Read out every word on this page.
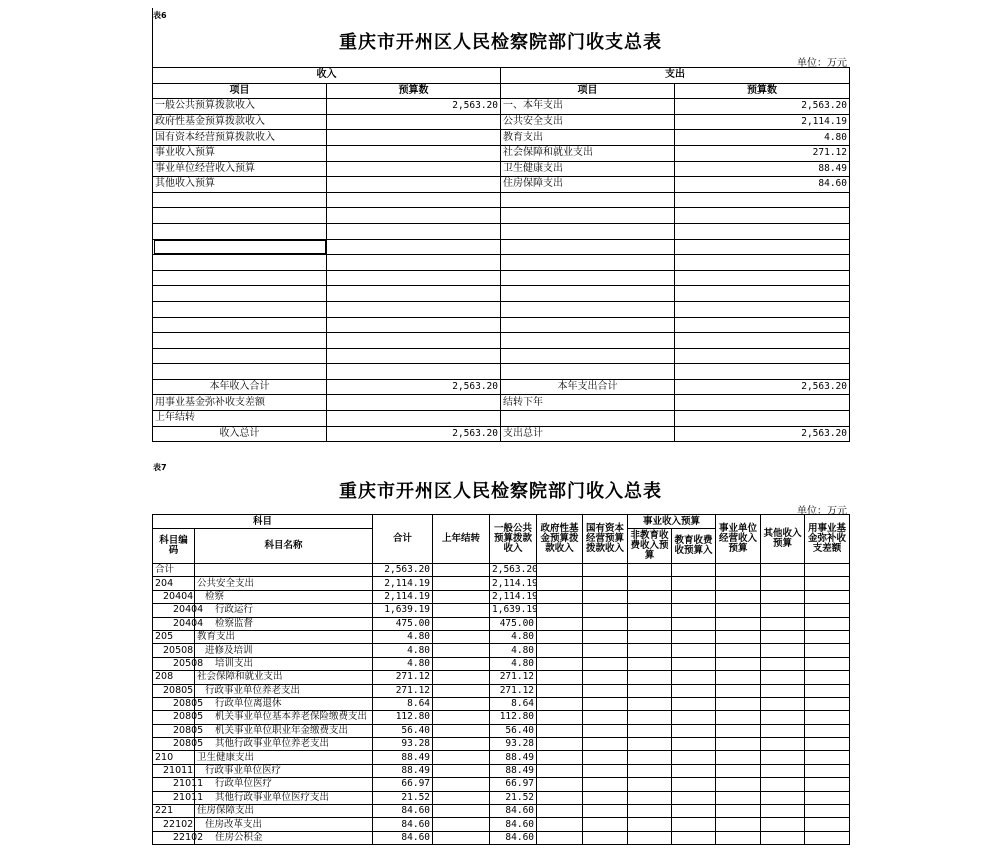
表6
重庆市开州区人民检察院部门收支总表
单位：万元
收入		支出	
项目	预算数	项目	预算数
一般公共预算拨款收入	2,563.20	一、本年支出	2,563.20
政府性基金预算拨款收入		公共安全支出	2,114.19
国有资本经营预算拨款收入		教育支出	4.80
事业收入预算		社会保障和就业支出	271.12
事业单位经营收入预算		卫生健康支出	88.49
其他收入预算		住房保障支出	84.60

本年收入合计	2,563.20	本年支出合计	2,563.20
用事业基金弥补收支差额		结转下年	
上年结转			
收入总计	2,563.20	支出总计	2,563.20
表7
重庆市开州区人民检察院部门收入总表
单位：万元
科目		合计	上年结转	一般公共预算拨款收入	政府性基金预算拨款收入	国有资本经营预算拨款收入	事业收入预算		事业单位经营收入预算	其他收入预算	用事业基金弥补收支差额
科目编码	科目名称						非教育收费收入预算	教育收费收预算入			

合计		2,563.20		2,563.20							
204	公共安全支出	2,114.19		2,114.19							
20404	检察	2,114.19		2,114.19							
20404	行政运行	1,639.19		1,639.19							
20404	检察监督	475.00		475.00							
205	教育支出	4.80		4.80							
20508	进修及培训	4.80		4.80							
20508	培训支出	4.80		4.80							
208	社会保障和就业支出	271.12		271.12							
20805	行政事业单位养老支出	271.12		271.12							
20805	行政单位离退休	8.64		8.64							
20805	机关事业单位基本养老保险缴费支出	112.80		112.80							
20805	机关事业单位职业年金缴费支出	56.40		56.40							
20805	其他行政事业单位养老支出	93.28		93.28							
210	卫生健康支出	88.49		88.49							
21011	行政事业单位医疗	88.49		88.49							
21011	行政单位医疗	66.97		66.97							
21011	其他行政事业单位医疗支出	21.52		21.52							
221	住房保障支出	84.60		84.60							
22102	住房改革支出	84.60		84.60							
22102	住房公积金	84.60		84.60							
